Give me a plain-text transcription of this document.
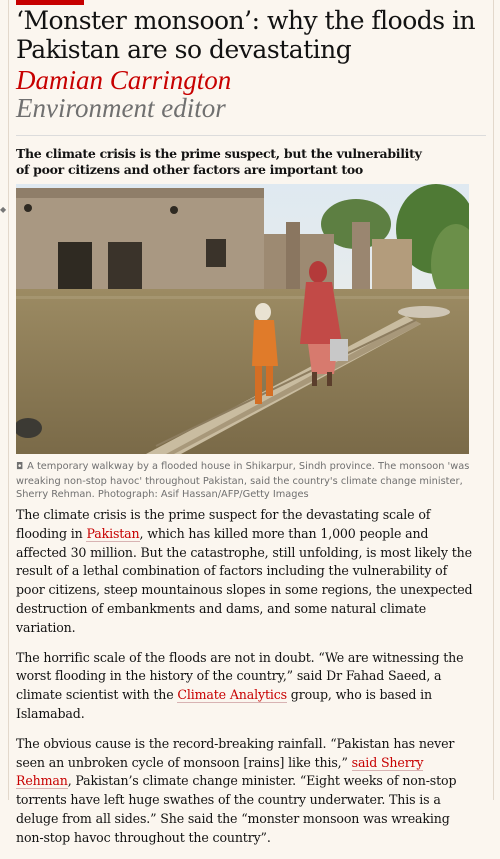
◆
‘Monster monsoon’: why the floods in Pakistan are so devastating
Damian Carrington
Environment editor
The climate crisis is the prime suspect, but the vulnerability of poor citizens and other factors are important too
◘ A temporary walkway by a flooded house in Shikarpur, Sindh province. The monsoon 'was wreaking non-stop havoc' throughout Pakistan, said the country's climate change minister, Sherry Rehman. Photograph: Asif Hassan/AFP/Getty Images

The climate crisis is the prime suspect for the devastating scale of flooding in Pakistan, which has killed more than 1,000 people and affected 30 million. But the catastrophe, still unfolding, is most likely the result of a lethal combination of factors including the vulnerability of poor citizens, steep mountainous slopes in some regions, the unexpected destruction of embankments and dams, and some natural climate variation.

The horrific scale of the floods are not in doubt. “We are witnessing the worst flooding in the history of the country,” said Dr Fahad Saeed, a climate scientist with the Climate Analytics group, who is based in Islamabad.

The obvious cause is the record-breaking rainfall. “Pakistan has never seen an unbroken cycle of monsoon [rains] like this,” said Sherry Rehman, Pakistan’s climate change minister. “Eight weeks of non-stop torrents have left huge swathes of the country underwater. This is a deluge from all sides.” She said the “monster monsoon was wreaking non-stop havoc throughout the country”.
